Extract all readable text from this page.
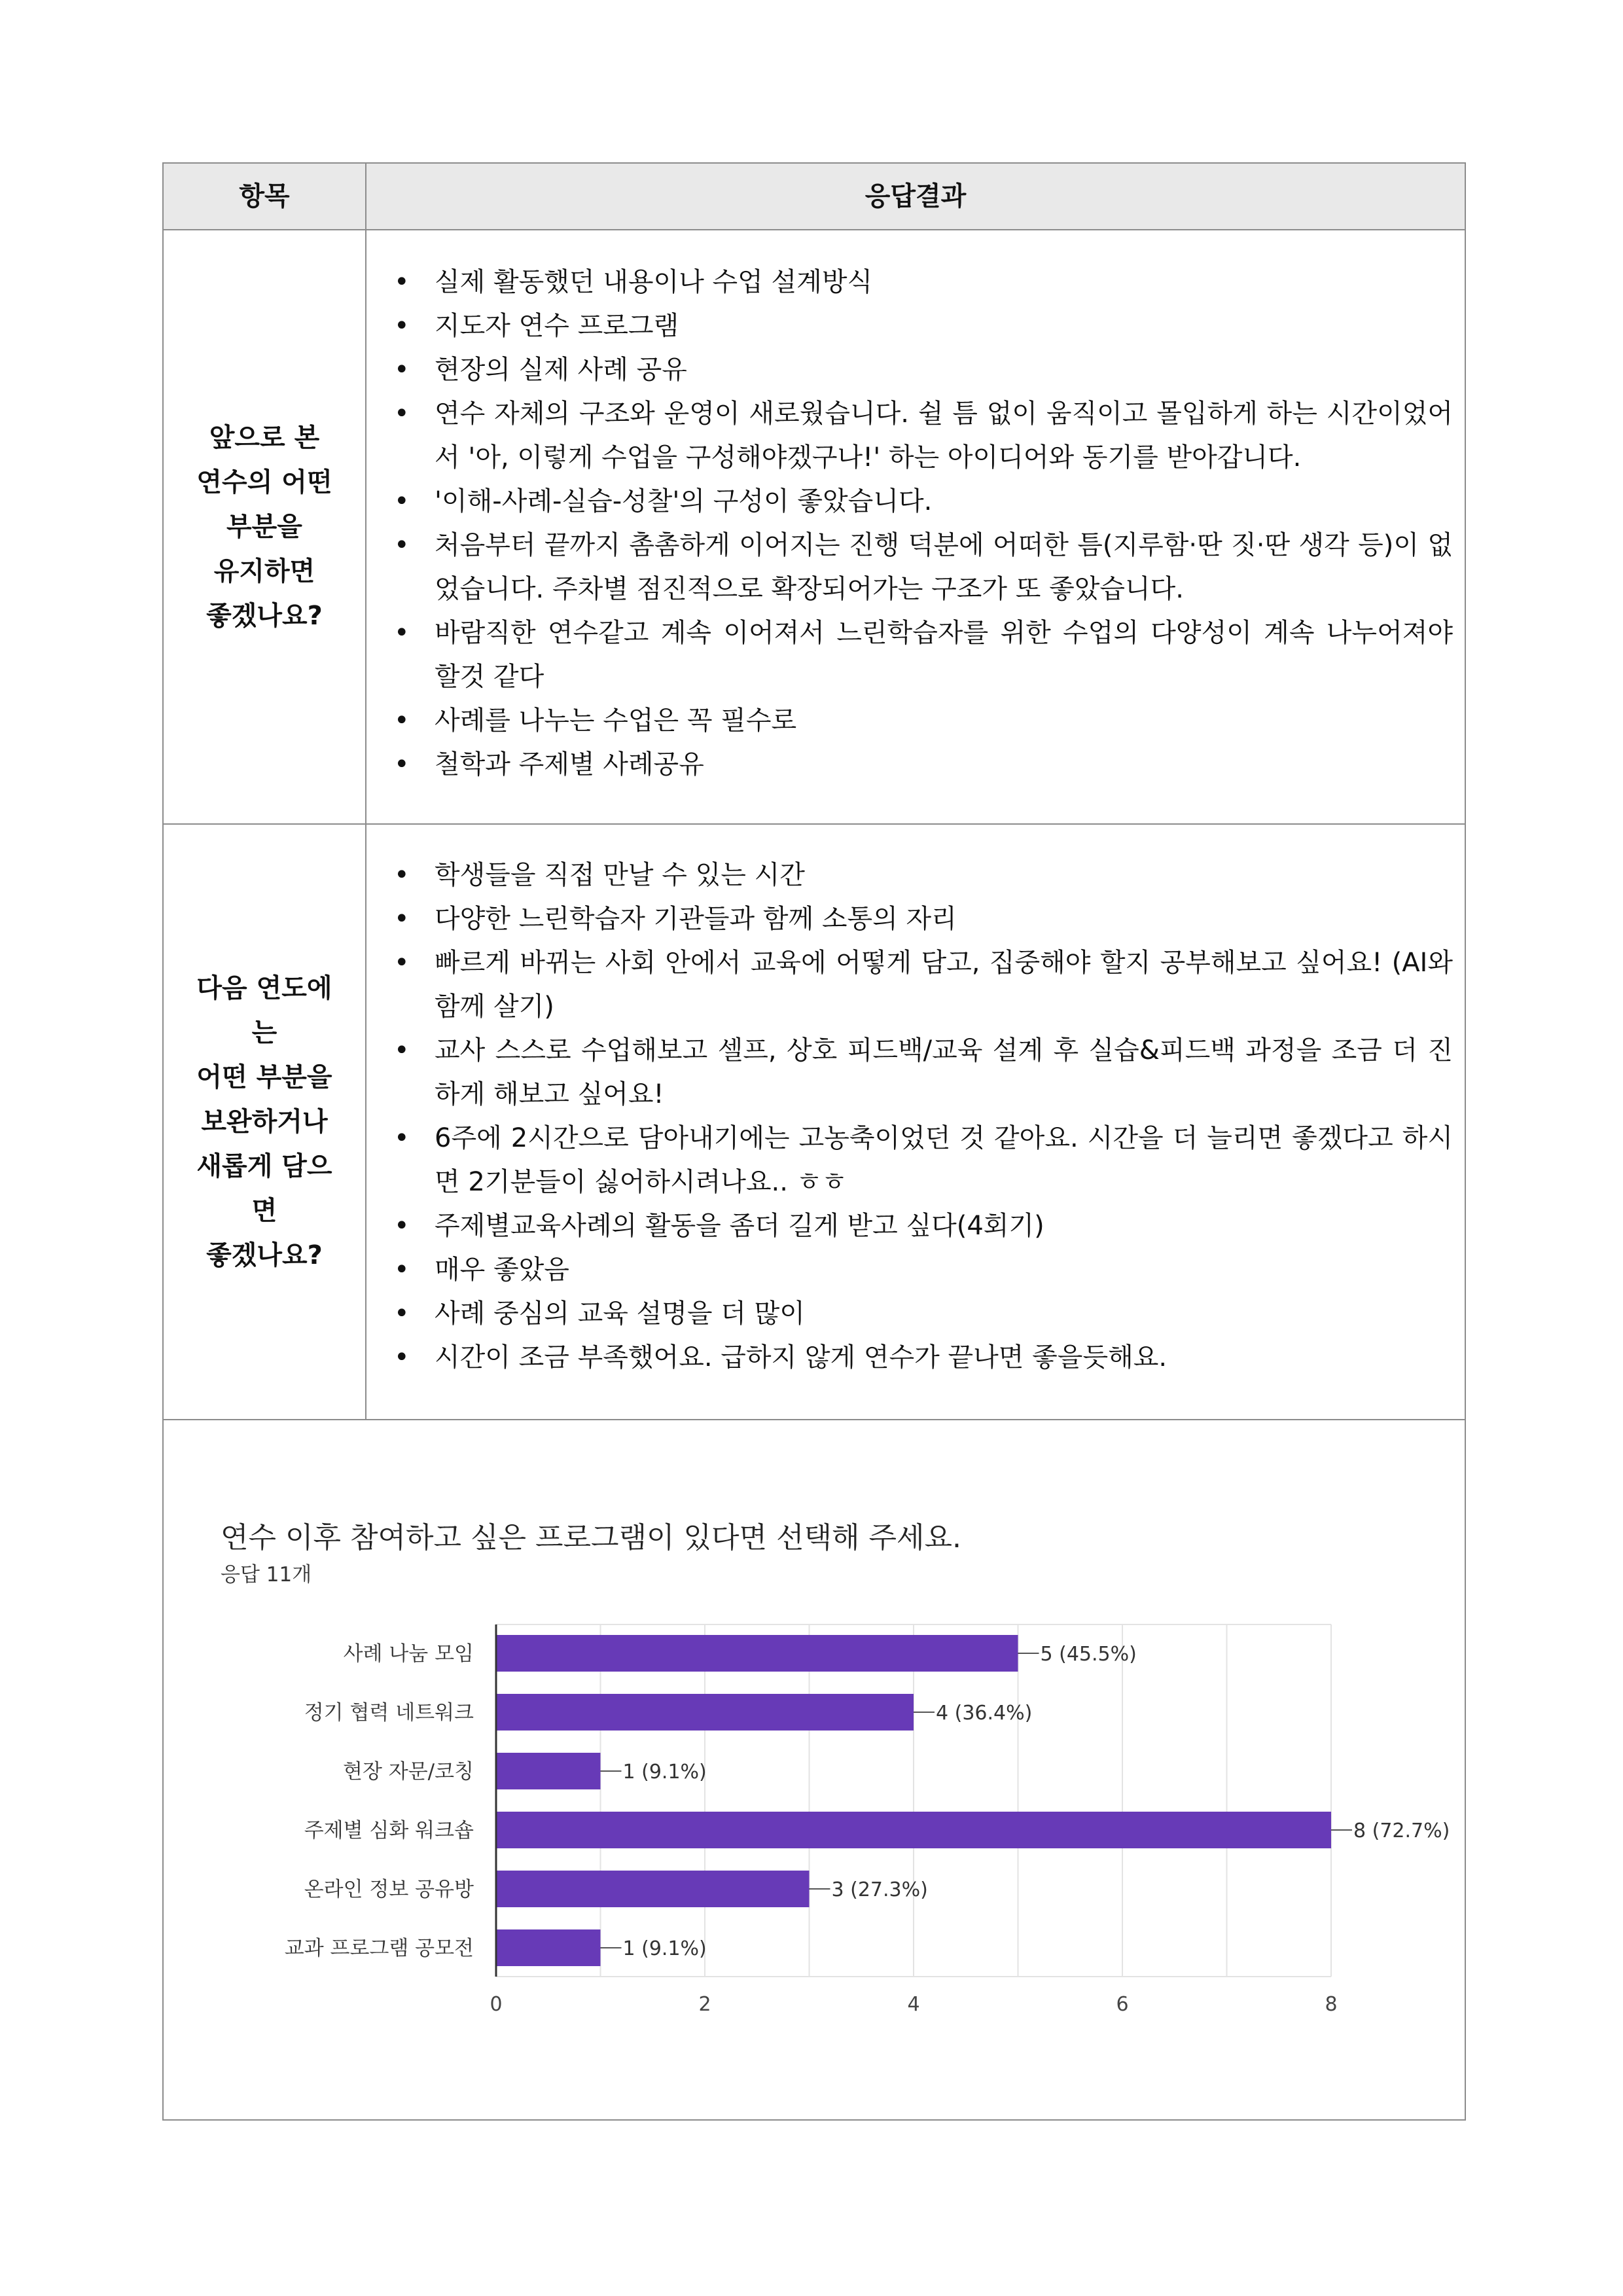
항목	응답결과
앞으로 본
연수의 어떤
부분을
유지하면
좋겠나요?
• 실제 활동했던 내용이나 수업 설계방식
• 지도자 연수 프로그램
• 현장의 실제 사례 공유
• 연수 자체의 구조와 운영이 새로웠습니다. 쉴 틈 없이 움직이고 몰입하게 하는 시간이었어서 '아, 이렇게 수업을 구성해야겠구나!' 하는 아이디어와 동기를 받아갑니다.
• '이해-사례-실습-성찰'의 구성이 좋았습니다.
• 처음부터 끝까지 촘촘하게 이어지는 진행 덕분에 어떠한 틈(지루함·딴 짓·딴 생각 등)이 없었습니다. 주차별 점진적으로 확장되어가는 구조가 또 좋았습니다.
• 바람직한 연수같고 계속 이어져서 느린학습자를 위한 수업의 다양성이 계속 나누어져야 할것 같다
• 사례를 나누는 수업은 꼭 필수로
• 철학과 주제별 사례공유
다음 연도에는
어떤 부분을
보완하거나
새롭게 담으면
좋겠나요?
• 학생들을 직접 만날 수 있는 시간
• 다양한 느린학습자 기관들과 함께 소통의 자리
• 빠르게 바뀌는 사회 안에서 교육에 어떻게 담고, 집중해야 할지 공부해보고 싶어요! (AI와 함께 살기)
• 교사 스스로 수업해보고 셀프, 상호 피드백/교육 설계 후 실습&피드백 과정을 조금 더 진하게 해보고 싶어요!
• 6주에 2시간으로 담아내기에는 고농축이었던 것 같아요. 시간을 더 늘리면 좋겠다고 하시면 2기분들이 싫어하시려나요.. ㅎㅎ
• 주제별교육사례의 활동을 좀더 길게 받고 싶다(4회기)
• 매우 좋았음
• 사례 중심의 교육 설명을 더 많이
• 시간이 조금 부족했어요. 급하지 않게 연수가 끝나면 좋을듯해요.
연수 이후 참여하고 싶은 프로그램이 있다면 선택해 주세요.
응답 11개
사례 나눔 모임	5 (45.5%)
정기 협력 네트워크	4 (36.4%)
현장 자문/코칭	1 (9.1%)
주제별 심화 워크숍	8 (72.7%)
온라인 정보 공유방	3 (27.3%)
교과 프로그램 공모전	1 (9.1%)
0	2	4	6	8
